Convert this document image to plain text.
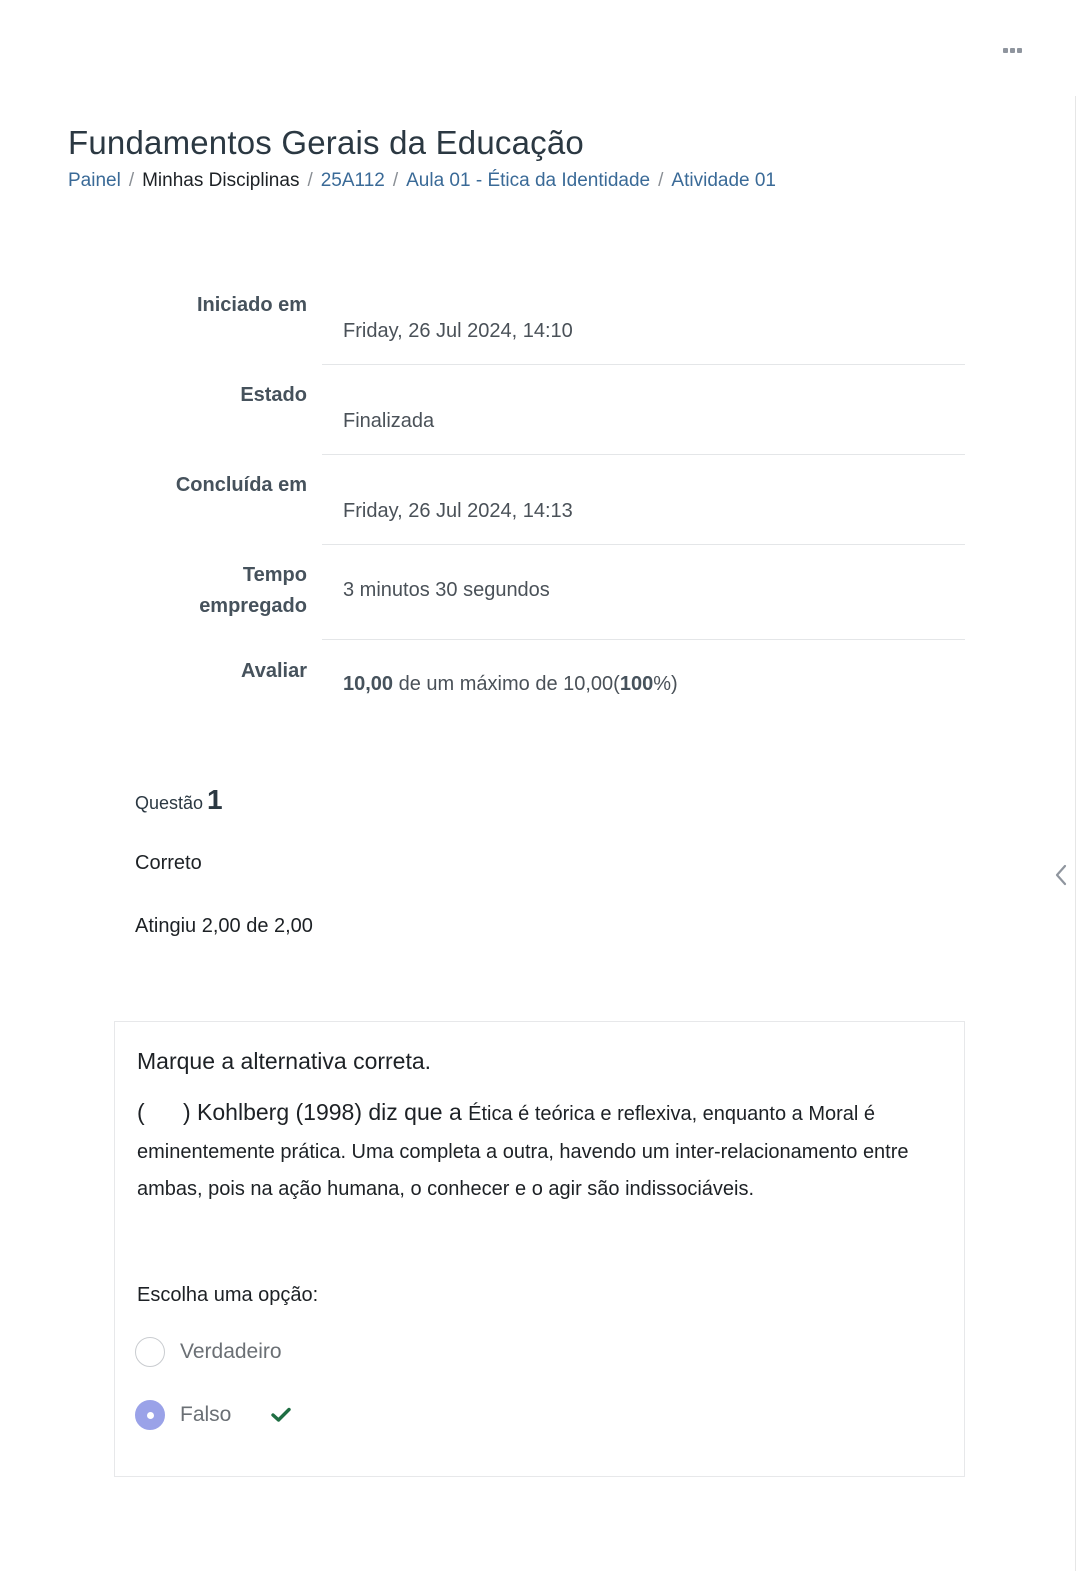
Fundamentos Gerais da Educação
Painel / Minhas Disciplinas / 25A112 / Aula 01 - Ética da Identidade / Atividade 01
Iniciado em
Friday, 26 Jul 2024, 14:10
Estado
Finalizada
Concluída em
Friday, 26 Jul 2024, 14:13
Tempo
empregado
3 minutos 30 segundos
Avaliar
10,00 de um máximo de 10,00(100%)
Questão 1
Correto
Atingiu 2,00 de 2,00
Marque a alternativa correta.
(      ) Kohlberg (1998) diz que a Ética é teórica e reflexiva, enquanto a Moral é eminentemente prática. Uma completa a outra, havendo um inter-relacionamento entre ambas, pois na ação humana, o conhecer e o agir são indissociáveis.
Escolha uma opção:
Verdadeiro
Falso
